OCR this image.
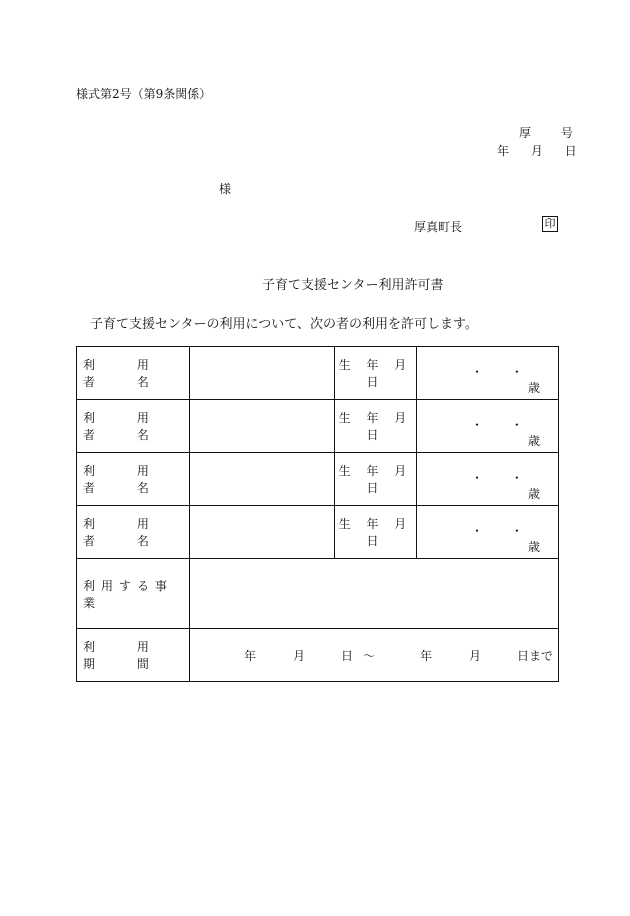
様式第2号（第9条関係）
厚 号
年 月 日
様
厚真町長	印
子育て支援センター利用許可書
子育て支援センターの利用について、次の者の利用を許可します。
利 用 者 名		生 年 月 日	・ ・
歳

利 用 者 名		生 年 月 日	・ ・
歳

利 用 者 名		生 年 月 日	・ ・
歳

利 用 者 名		生 年 月 日	・ ・
歳

利用する事業			
利 用 期 間	年 月 日 〜 年 月 日まで		
